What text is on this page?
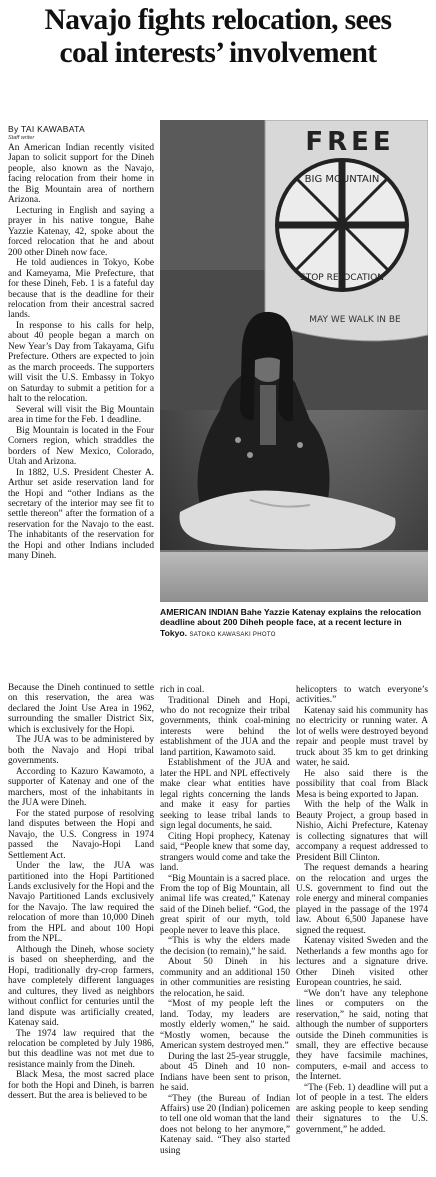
Navajo fights relocation, sees
coal interests’ involvement
By TAI KAWABATA
Staff writer

An American Indian recently visited Japan to solicit support for the Dineh people, also known as the Navajo, facing relocation from their home in the Big Mountain area of northern Arizona.

Lecturing in English and saying a prayer in his native tongue, Bahe Yazzie Katenay, 42, spoke about the forced relocation that he and about 200 other Dineh now face.

He told audiences in Tokyo, Kobe and Kameyama, Mie Prefecture, that for these Dineh, Feb. 1 is a fateful day because that is the deadline for their relocation from their ancestral sacred lands.

In response to his calls for help, about 40 people began a march on New Year’s Day from Takayama, Gifu Prefecture. Others are expected to join as the march proceeds. The supporters will visit the U.S. Embassy in Tokyo on Saturday to submit a petition for a halt to the relocation.

Several will visit the Big Mountain area in time for the Feb. 1 deadline.

Big Mountain is located in the Four Corners region, which straddles the borders of New Mexico, Colorado, Utah and Arizona.

In 1882, U.S. President Chester A. Arthur set aside reservation land for the Hopi and “other Indians as the secretary of the interior may see fit to settle thereon” after the formation of a reservation for the Navajo to the east. The inhabitants of the reservation for the Hopi and other Indians included many Dineh.

FREE
BIG MOUNTAIN
STOP RELOCATION
MAY WE WALK IN BE
AMERICAN INDIAN Bahe Yazzie Katenay explains the relocation deadline about 200 Diheh people face, at a recent lecture in Tokyo. SATOKO KAWASAKI PHOTO

Because the Dineh continued to settle on this reservation, the area was declared the Joint Use Area in 1962, surrounding the smaller District Six, which is exclusively for the Hopi.

The JUA was to be administered by both the Navajo and Hopi tribal governments.

According to Kazuro Kawamoto, a supporter of Katenay and one of the marchers, most of the inhabitants in the JUA were Dineh.

For the stated purpose of resolving land disputes between the Hopi and Navajo, the U.S. Congress in 1974 passed the Navajo-Hopi Land Settlement Act.

Under the law, the JUA was partitioned into the Hopi Partitioned Lands exclusively for the Hopi and the Navajo Partitioned Lands exclusively for the Navajo. The law required the relocation of more than 10,000 Dineh from the HPL and about 100 Hopi from the NPL.

Although the Dineh, whose society is based on sheepherding, and the Hopi, traditionally dry-crop farmers, have completely different languages and cultures, they lived as neighbors without conflict for centuries until the land dispute was artificially created, Katenay said.

The 1974 law required that the relocation be completed by July 1986, but this deadline was not met due to resistance mainly from the Dineh.

Black Mesa, the most sacred place for both the Hopi and Dineh, is barren dessert. But the area is believed to be

rich in coal.

Traditional Dineh and Hopi, who do not recognize their tribal governments, think coal-mining interests were behind the establishment of the JUA and the land partition, Kawamoto said.

Establishment of the JUA and later the HPL and NPL effectively make clear what entities have legal rights concerning the lands and make it easy for parties seeking to lease tribal lands to sign legal documents, he said.

Citing Hopi prophecy, Katenay said, “People knew that some day, strangers would come and take the land.

“Big Mountain is a sacred place. From the top of Big Mountain, all animal life was created,” Katenay said of the Dineh belief. “God, the great spirit of our myth, told people never to leave this place.

“This is why the elders made the decision (to remain),” he said.

About 50 Dineh in his community and an additional 150 in other communities are resisting the relocation, he said.

“Most of my people left the land. Today, my leaders are mostly elderly women,” he said. “Mostly women, because the American system destroyed men.”

During the last 25-year struggle, about 45 Dineh and 10 non-Indians have been sent to prison, he said.

“They (the Bureau of Indian Affairs) use 20 (Indian) policemen to tell one old woman that the land does not belong to her anymore,” Katenay said. “They also started using

helicopters to watch everyone’s activities.”

Katenay said his community has no electricity or running water. A lot of wells were destroyed beyond repair and people must travel by truck about 35 km to get drinking water, he said.

He also said there is the possibility that coal from Black Mesa is being exported to Japan.

With the help of the Walk in Beauty Project, a group based in Nishio, Aichi Prefecture, Katenay is collecting signatures that will accompany a request addressed to President Bill Clinton.

The request demands a hearing on the relocation and urges the U.S. government to find out the role energy and mineral companies played in the passage of the 1974 law. About 6,500 Japanese have signed the request.

Katenay visited Sweden and the Netherlands a few months ago for lectures and a signature drive. Other Dineh visited other European countries, he said.

“We don’t have any telephone lines or computers on the reservation,” he said, noting that although the number of supporters outside the Dineh communities is small, they are effective because they have facsimile machines, computers, e-mail and access to the Internet.

“The (Feb. 1) deadline will put a lot of people in a test. The elders are asking people to keep sending their signatures to the U.S. government,” he added.
